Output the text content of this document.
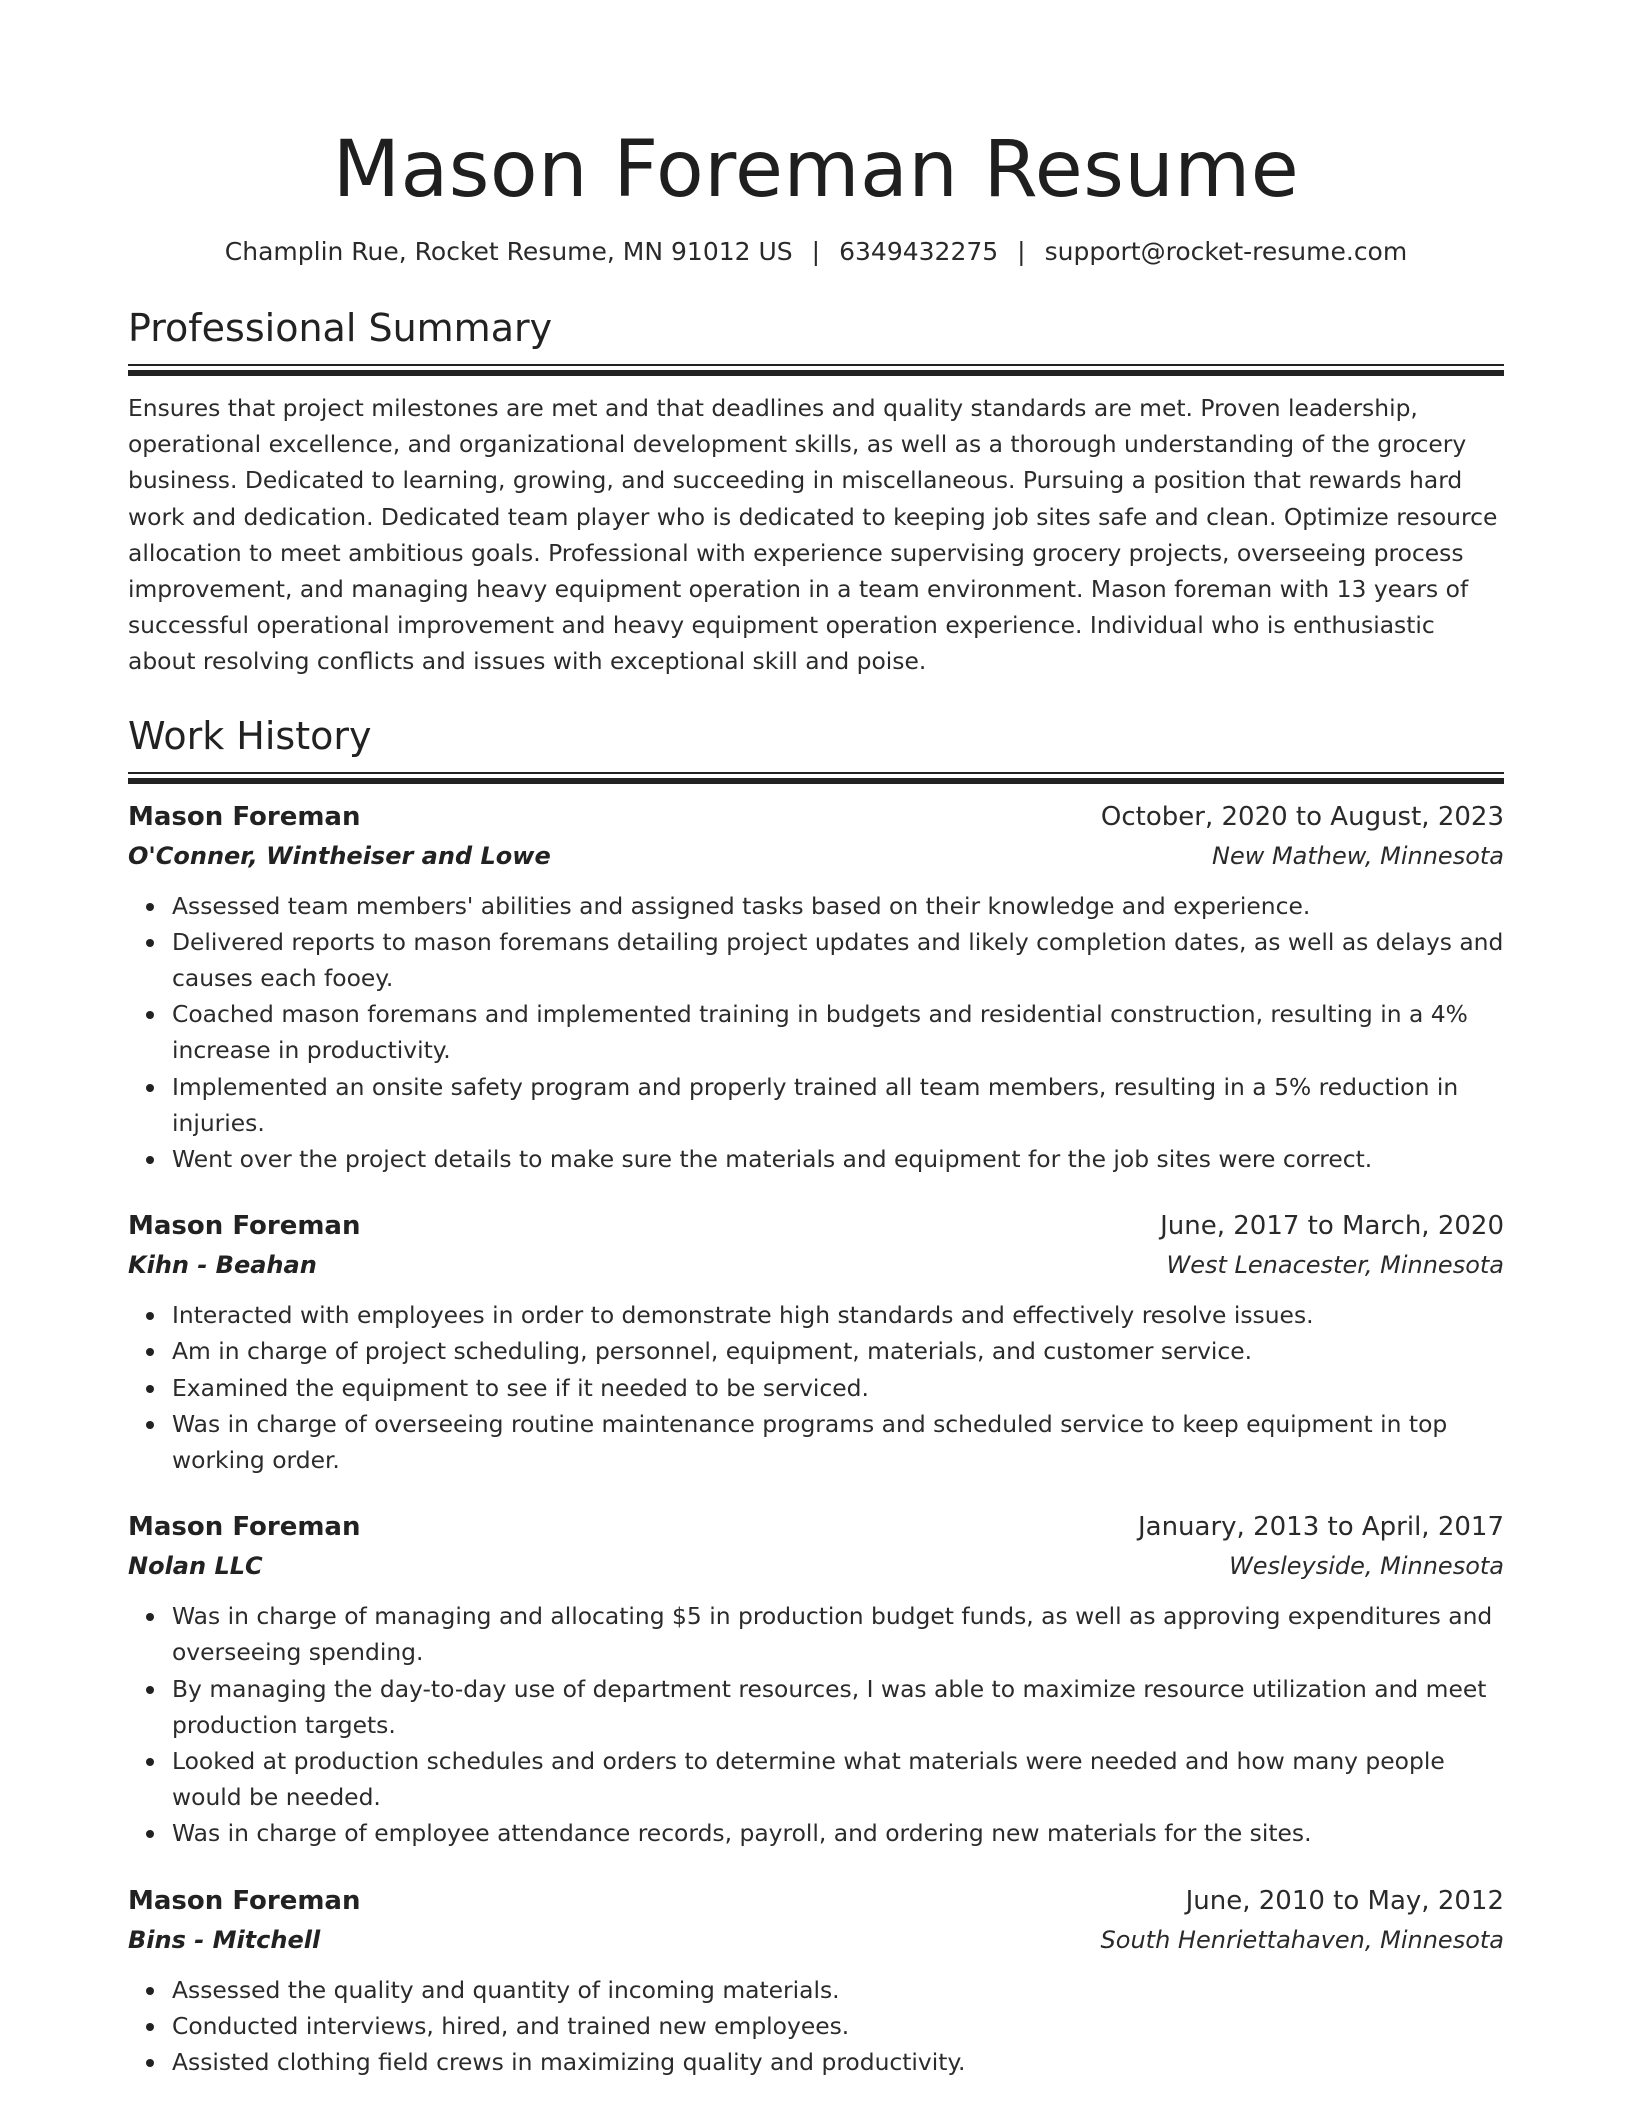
Mason Foreman Resume
Champlin Rue, Rocket Resume, MN 91012 US | 6349432275 | support@rocket-resume.com
Professional Summary

Ensures that project milestones are met and that deadlines and quality standards are met. Proven leadership, operational excellence, and organizational development skills, as well as a thorough understanding of the grocery business. Dedicated to learning, growing, and succeeding in miscellaneous. Pursuing a position that rewards hard work and dedication. Dedicated team player who is dedicated to keeping job sites safe and clean. Optimize resource allocation to meet ambitious goals. Professional with experience supervising grocery projects, overseeing process improvement, and managing heavy equipment operation in a team environment. Mason foreman with 13 years of successful operational improvement and heavy equipment operation experience. Individual who is enthusiastic about resolving conflicts and issues with exceptional skill and poise.

Work History
Mason Foreman	October, 2020 to August, 2023
O'Conner, Wintheiser and Lowe	New Mathew, Minnesota
Assessed team members' abilities and assigned tasks based on their knowledge and experience.
Delivered reports to mason foremans detailing project updates and likely completion dates, as well as delays and causes each fooey.
Coached mason foremans and implemented training in budgets and residential construction, resulting in a 4% increase in productivity.
Implemented an onsite safety program and properly trained all team members, resulting in a 5% reduction in injuries.
Went over the project details to make sure the materials and equipment for the job sites were correct.
Mason Foreman	June, 2017 to March, 2020
Kihn - Beahan	West Lenacester, Minnesota
Interacted with employees in order to demonstrate high standards and effectively resolve issues.
Am in charge of project scheduling, personnel, equipment, materials, and customer service.
Examined the equipment to see if it needed to be serviced.
Was in charge of overseeing routine maintenance programs and scheduled service to keep equipment in top working order.
Mason Foreman	January, 2013 to April, 2017
Nolan LLC	Wesleyside, Minnesota
Was in charge of managing and allocating $5 in production budget funds, as well as approving expenditures and overseeing spending.
By managing the day-to-day use of department resources, I was able to maximize resource utilization and meet production targets.
Looked at production schedules and orders to determine what materials were needed and how many people would be needed.
Was in charge of employee attendance records, payroll, and ordering new materials for the sites.
Mason Foreman	June, 2010 to May, 2012
Bins - Mitchell	South Henriettahaven, Minnesota
Assessed the quality and quantity of incoming materials.
Conducted interviews, hired, and trained new employees.
Assisted clothing field crews in maximizing quality and productivity.
